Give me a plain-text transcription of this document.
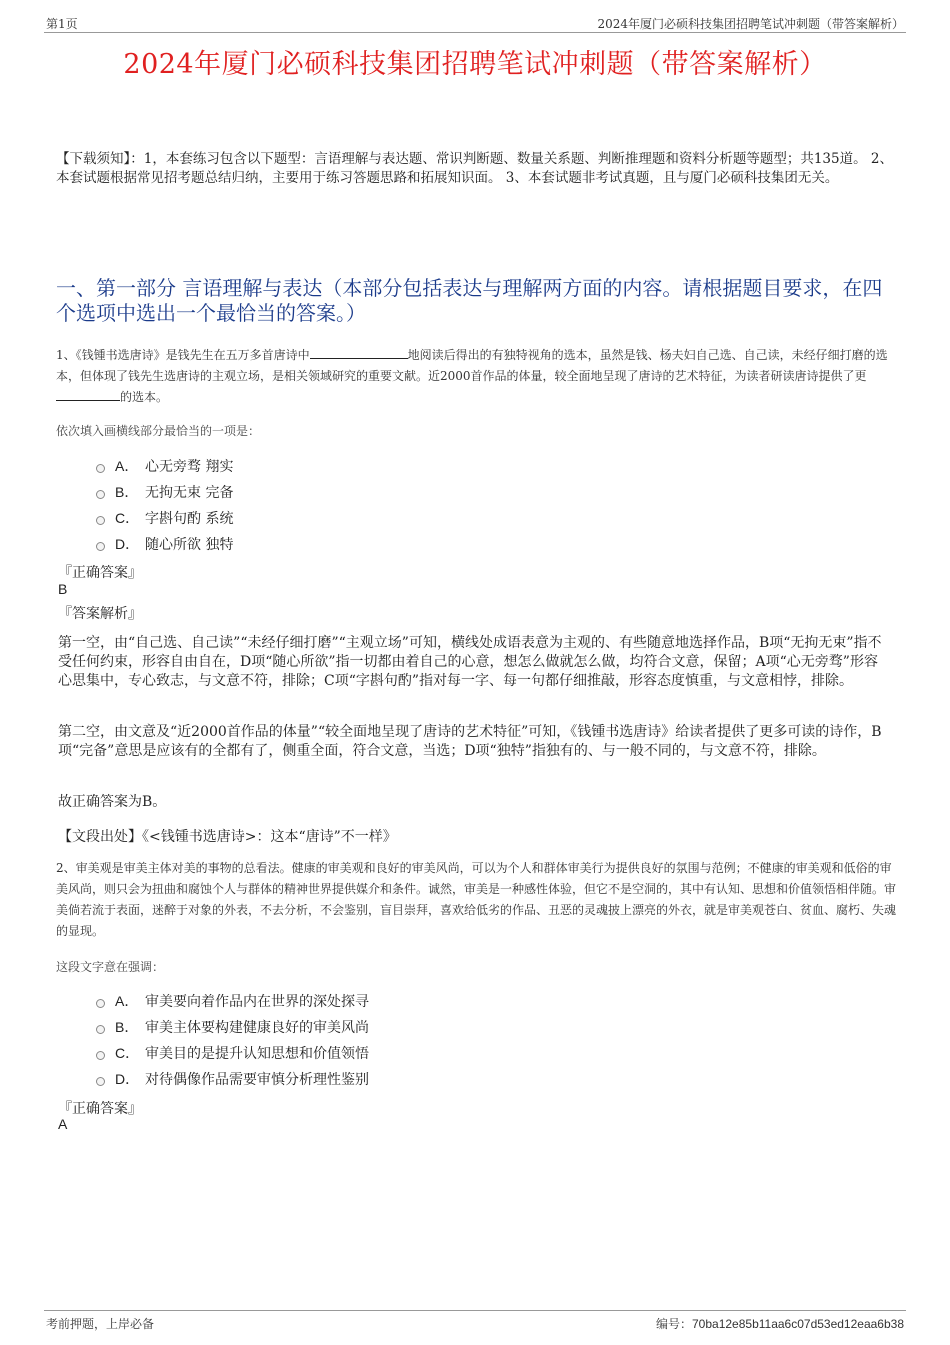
第1页	2024年厦门必硕科技集团招聘笔试冲刺题（带答案解析）
2024年厦门必硕科技集团招聘笔试冲刺题（带答案解析）
【下载须知】：1，本套练习包含以下题型：言语理解与表达题、常识判断题、数量关系题、判断推理题和资料分析题等题型；共135道。 2、本套试题根据常见招考题总结归纳，主要用于练习答题思路和拓展知识面。 3、本套试题非考试真题，且与厦门必硕科技集团无关。
一、第一部分 言语理解与表达（本部分包括表达与理解两方面的内容。请根据题目要求，在四个选项中选出一个最恰当的答案。）
1、《钱锺书选唐诗》是钱先生在五万多首唐诗中	地阅读后得出的有独特视角的选本，虽然是钱、杨夫妇自己选、自己读，未经仔细打磨的选本，但体现了钱先生选唐诗的主观立场，是相关领域研究的重要文献。近2000首作品的体量，较全面地呈现了唐诗的艺术特征，为读者研读唐诗提供了更的选本。
依次填入画横线部分最恰当的一项是：
A． 心无旁骛 翔实
B． 无拘无束 完备
C． 字斟句酌 系统
D． 随心所欲 独特
『正确答案』
B
『答案解析』
第一空，由“自己选、自己读”“未经仔细打磨”“主观立场”可知，横线处成语表意为主观的、有些随意地选择作品，B项“无拘无束”指不受任何约束，形容自由自在，D项“随心所欲”指一切都由着自己的心意，想怎么做就怎么做，均符合文意，保留；A项“心无旁骛”形容心思集中，专心致志，与文意不符，排除；C项“字斟句酌”指对每一字、每一句都仔细推敲，形容态度慎重，与文意相悖，排除。
第二空，由文意及“近2000首作品的体量”“较全面地呈现了唐诗的艺术特征”可知，《钱锺书选唐诗》给读者提供了更多可读的诗作，B项“完备”意思是应该有的全都有了，侧重全面，符合文意，当选；D项“独特”指独有的、与一般不同的，与文意不符，排除。
故正确答案为B。
【文段出处】《<钱锺书选唐诗>：这本“唐诗”不一样》
2、审美观是审美主体对美的事物的总看法。健康的审美观和良好的审美风尚，可以为个人和群体审美行为提供良好的氛围与范例；不健康的审美观和低俗的审美风尚，则只会为扭曲和腐蚀个人与群体的精神世界提供媒介和条件。诚然，审美是一种感性体验，但它不是空洞的，其中有认知、思想和价值领悟相伴随。审美倘若流于表面，迷醉于对象的外表，不去分析，不会鉴别，盲目崇拜，喜欢给低劣的作品、丑恶的灵魂披上漂亮的外衣，就是审美观苍白、贫血、腐朽、失魂的显现。
这段文字意在强调：
A． 审美要向着作品内在世界的深处探寻
B． 审美主体要构建健康良好的审美风尚
C． 审美目的是提升认知思想和价值领悟
D． 对待偶像作品需要审慎分析理性鉴别
『正确答案』
A
考前押题，上岸必备	编号：70ba12e85b11aa6c07d53ed12eaa6b38
